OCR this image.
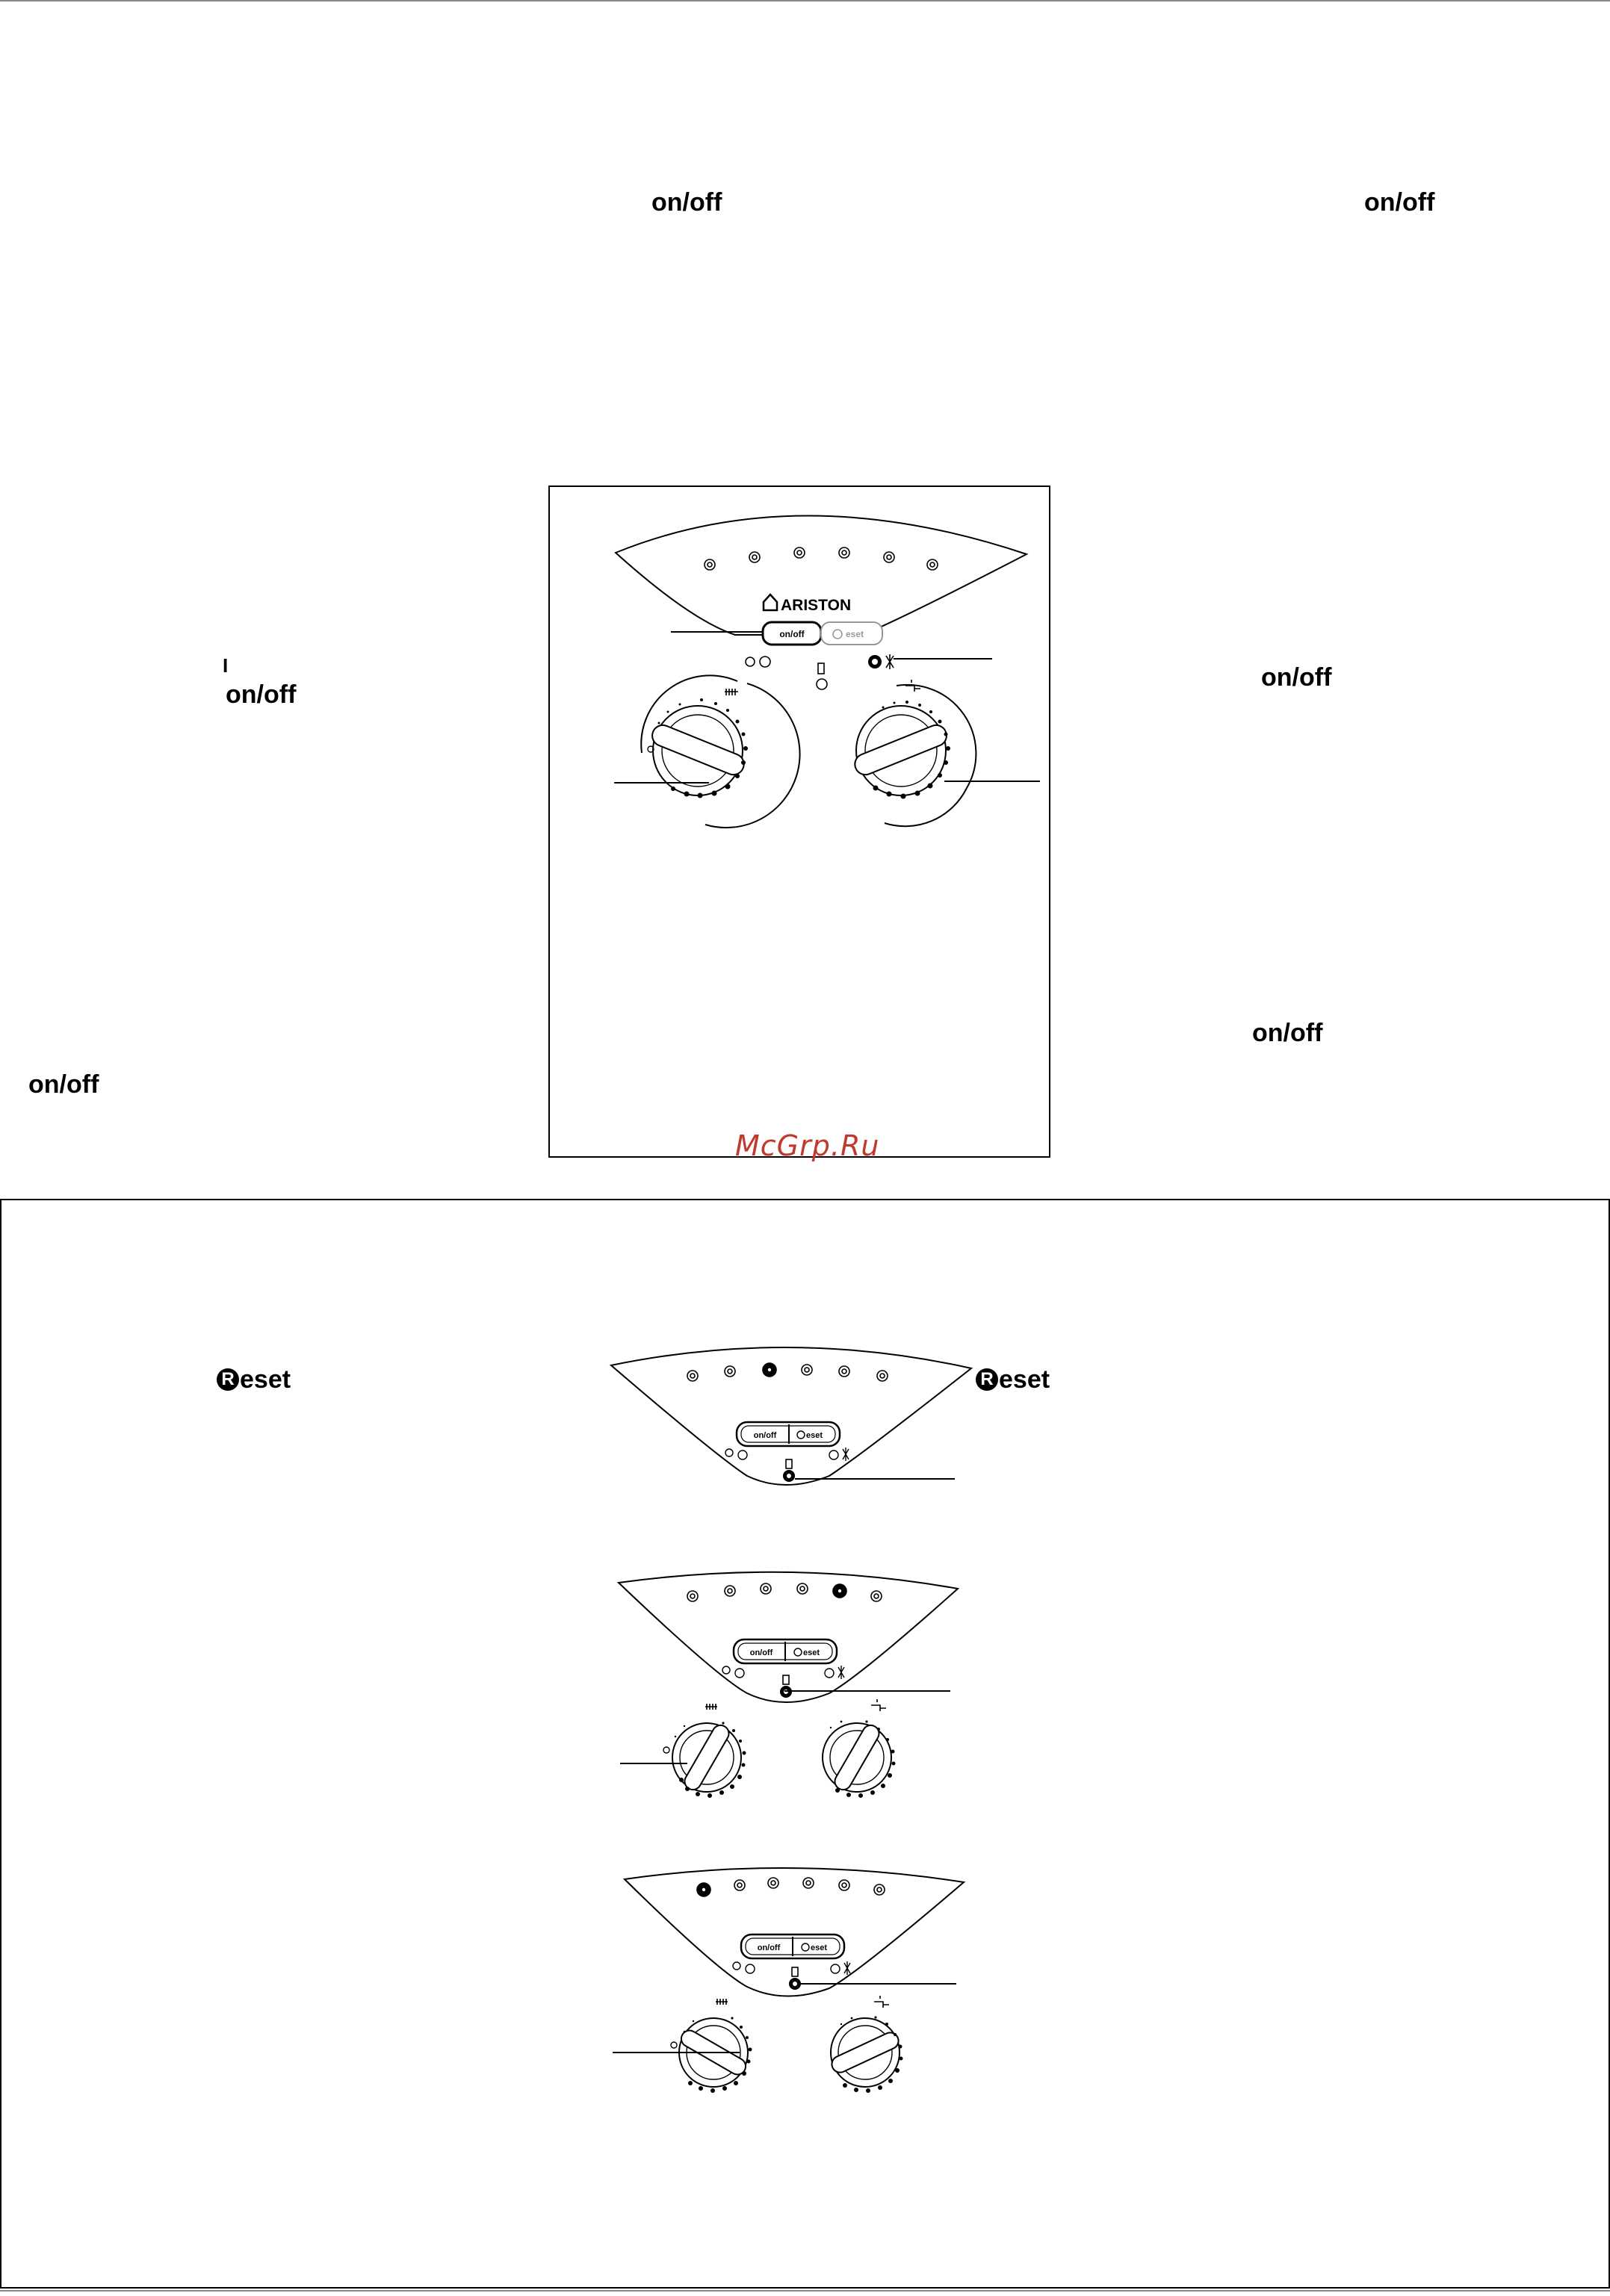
on/off	on/off
I
on/off
on/off
on/off
on/off
ARISTON
on/off	eset
McGrp.Ru
R eset	R eset
on/off	eset
on/off	eset
on/off	eset
